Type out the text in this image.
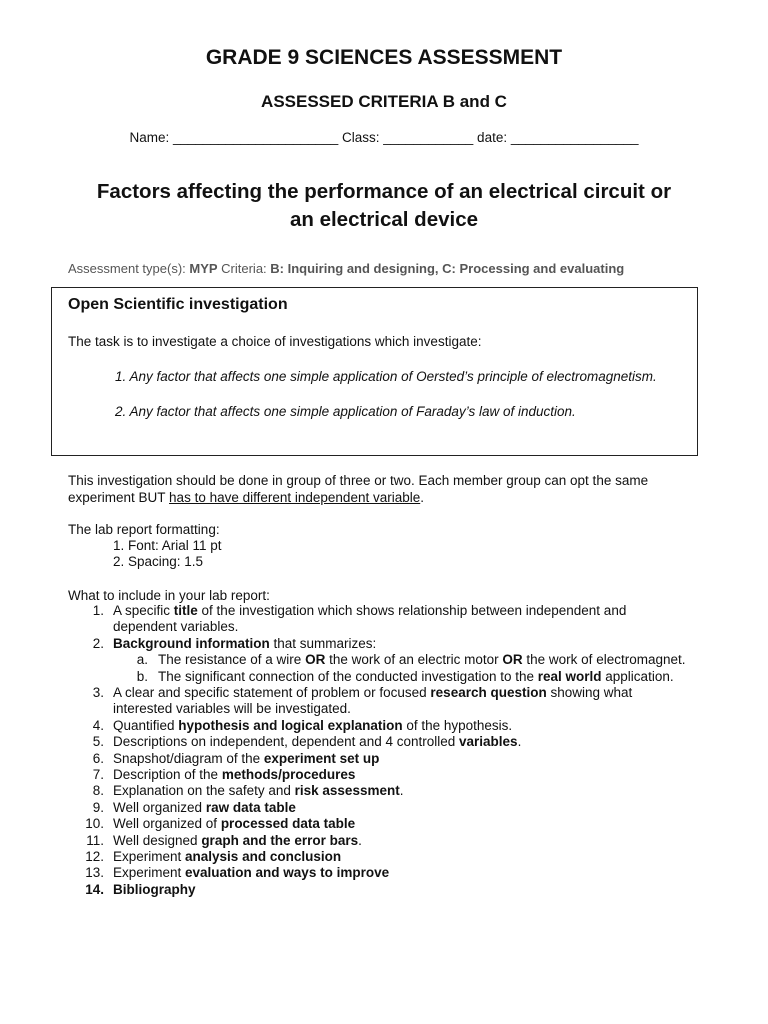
GRADE 9 SCIENCES ASSESSMENT
ASSESSED CRITERIA B and C
Name: ______________________ Class: ____________ date: _________________
Factors affecting the performance of an electrical circuit or
an electrical device
Assessment type(s): MYP Criteria: B: Inquiring and designing, C: Processing and evaluating
Open Scientific investigation
The task is to investigate a choice of investigations which investigate:
1. Any factor that affects one simple application of Oersted’s principle of electromagnetism.
2. Any factor that affects one simple application of Faraday’s law of induction.
This investigation should be done in group of three or two. Each member group can opt the same
experiment BUT has to have different independent variable.
The lab report formatting:
1. Font: Arial 11 pt
2. Spacing: 1.5
What to include in your lab report:
1. A specific title of the investigation which shows relationship between independent and
dependent variables.
2. Background information that summarizes:
a. The resistance of a wire OR the work of an electric motor OR the work of electromagnet.
b. The significant connection of the conducted investigation to the real world application.
3. A clear and specific statement of problem or focused research question showing what
interested variables will be investigated.
4. Quantified hypothesis and logical explanation of the hypothesis.
5. Descriptions on independent, dependent and 4 controlled variables.
6. Snapshot/diagram of the experiment set up
7. Description of the methods/procedures
8. Explanation on the safety and risk assessment.
9. Well organized raw data table
10. Well organized of processed data table
11. Well designed graph and the error bars.
12. Experiment analysis and conclusion
13. Experiment evaluation and ways to improve
14. Bibliography
